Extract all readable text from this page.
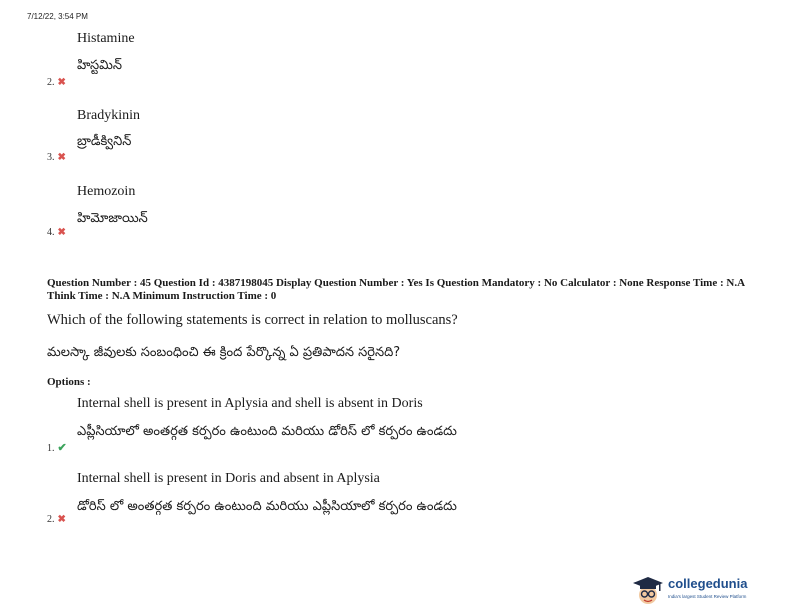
7/12/22, 3:54 PM
Histamine
హిస్టమిన్
2. ✖
Bradykinin
బ్రాడీక్వినిన్
3. ✖
Hemozoin
హిమోజాయిన్
4. ✖
Question Number : 45 Question Id : 4387198045 Display Question Number : Yes Is Question Mandatory : No Calculator : None Response Time : N.A Think Time : N.A Minimum Instruction Time : 0
Which of the following statements is correct in relation to molluscans?
మలస్కా జీవులకు సంబంధించి ఈ క్రింద పేర్కొన్న ఏ ప్రతిపాదన సరైనది?
Options :
Internal shell is present in Aplysia and shell is absent in Doris
ఎప్లీసియాలో అంతర్గత కర్పరం ఉంటుంది మరియు డోరిస్ లో కర్పరం ఉండదు
1. ✔
Internal shell is present in Doris and absent in Aplysia
డోరిస్ లో అంతర్గత కర్పరం ఉంటుంది మరియు ఎప్లీసియాలో కర్పరం ఉండదు
2. ✖
collegedunia
India's largest Student Review Platform
